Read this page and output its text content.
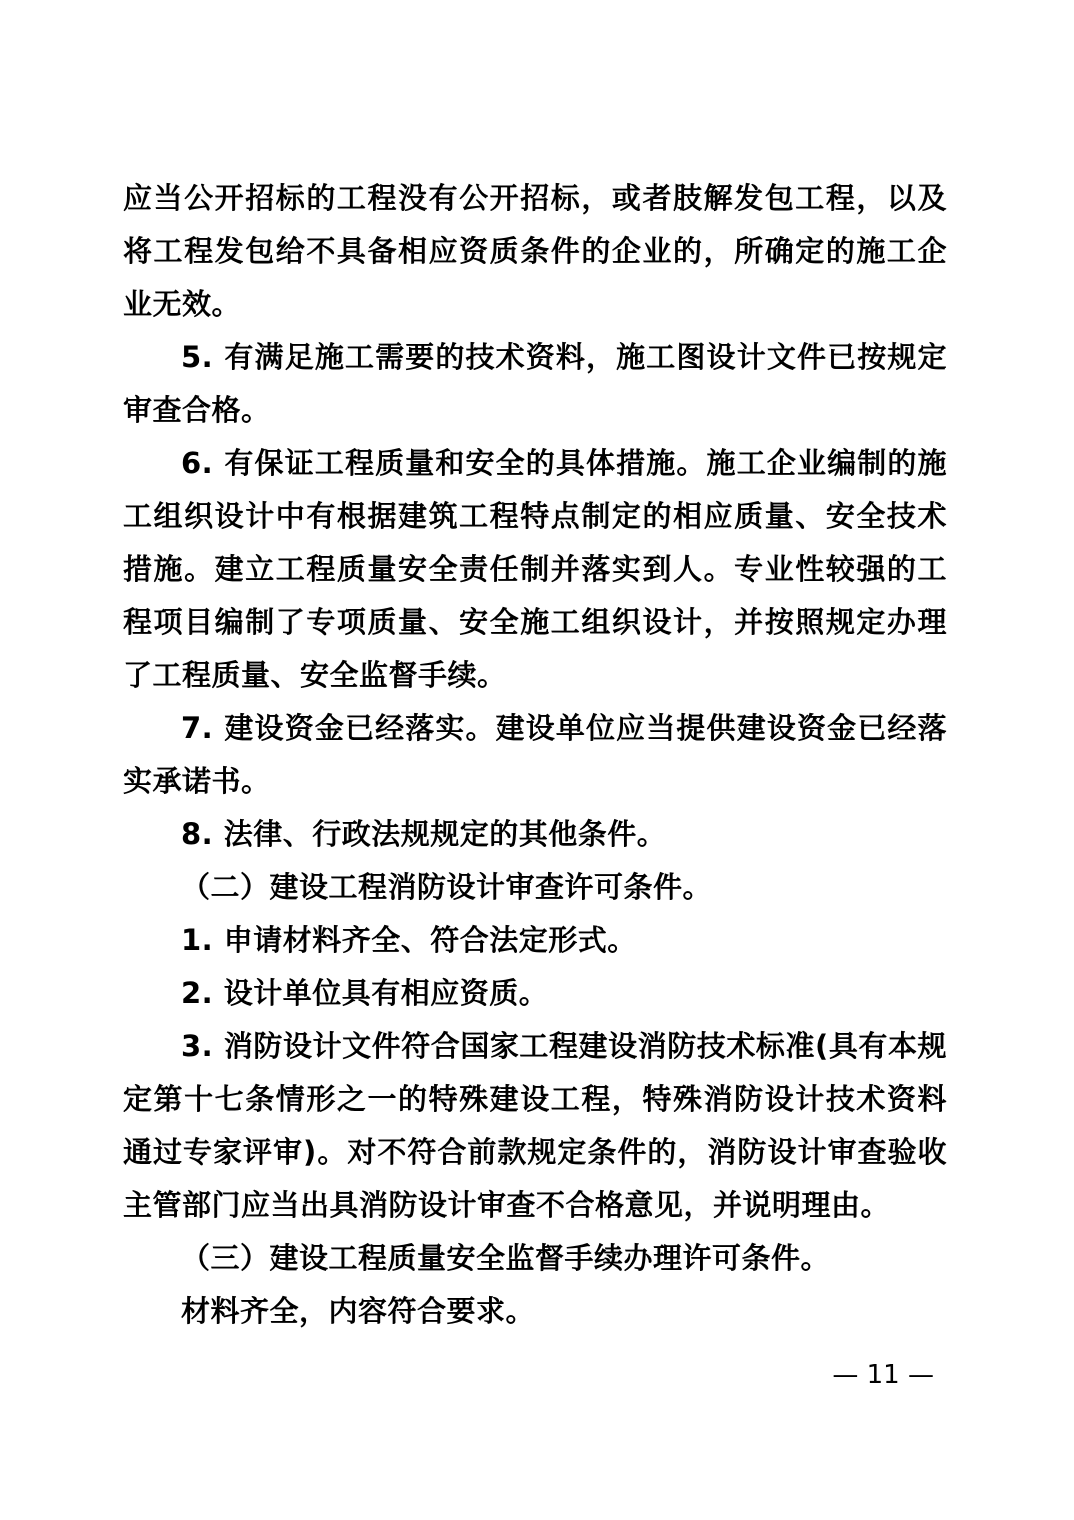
应当公开招标的工程没有公开招标，或者肢解发包工程，以及将工程发包给不具备相应资质条件的企业的，所确定的施工企业无效。

5. 有满足施工需要的技术资料，施工图设计文件已按规定审查合格。

6. 有保证工程质量和安全的具体措施。施工企业编制的施工组织设计中有根据建筑工程特点制定的相应质量、安全技术措施。建立工程质量安全责任制并落实到人。专业性较强的工程项目编制了专项质量、安全施工组织设计，并按照规定办理了工程质量、安全监督手续。

7. 建设资金已经落实。建设单位应当提供建设资金已经落实承诺书。

8. 法律、行政法规规定的其他条件。

（二）建设工程消防设计审查许可条件。

1. 申请材料齐全、符合法定形式。

2. 设计单位具有相应资质。

3. 消防设计文件符合国家工程建设消防技术标准(具有本规定第十七条情形之一的特殊建设工程，特殊消防设计技术资料通过专家评审)。对不符合前款规定条件的，消防设计审查验收主管部门应当出具消防设计审查不合格意见，并说明理由。

（三）建设工程质量安全监督手续办理许可条件。

材料齐全，内容符合要求。

— 11 —
